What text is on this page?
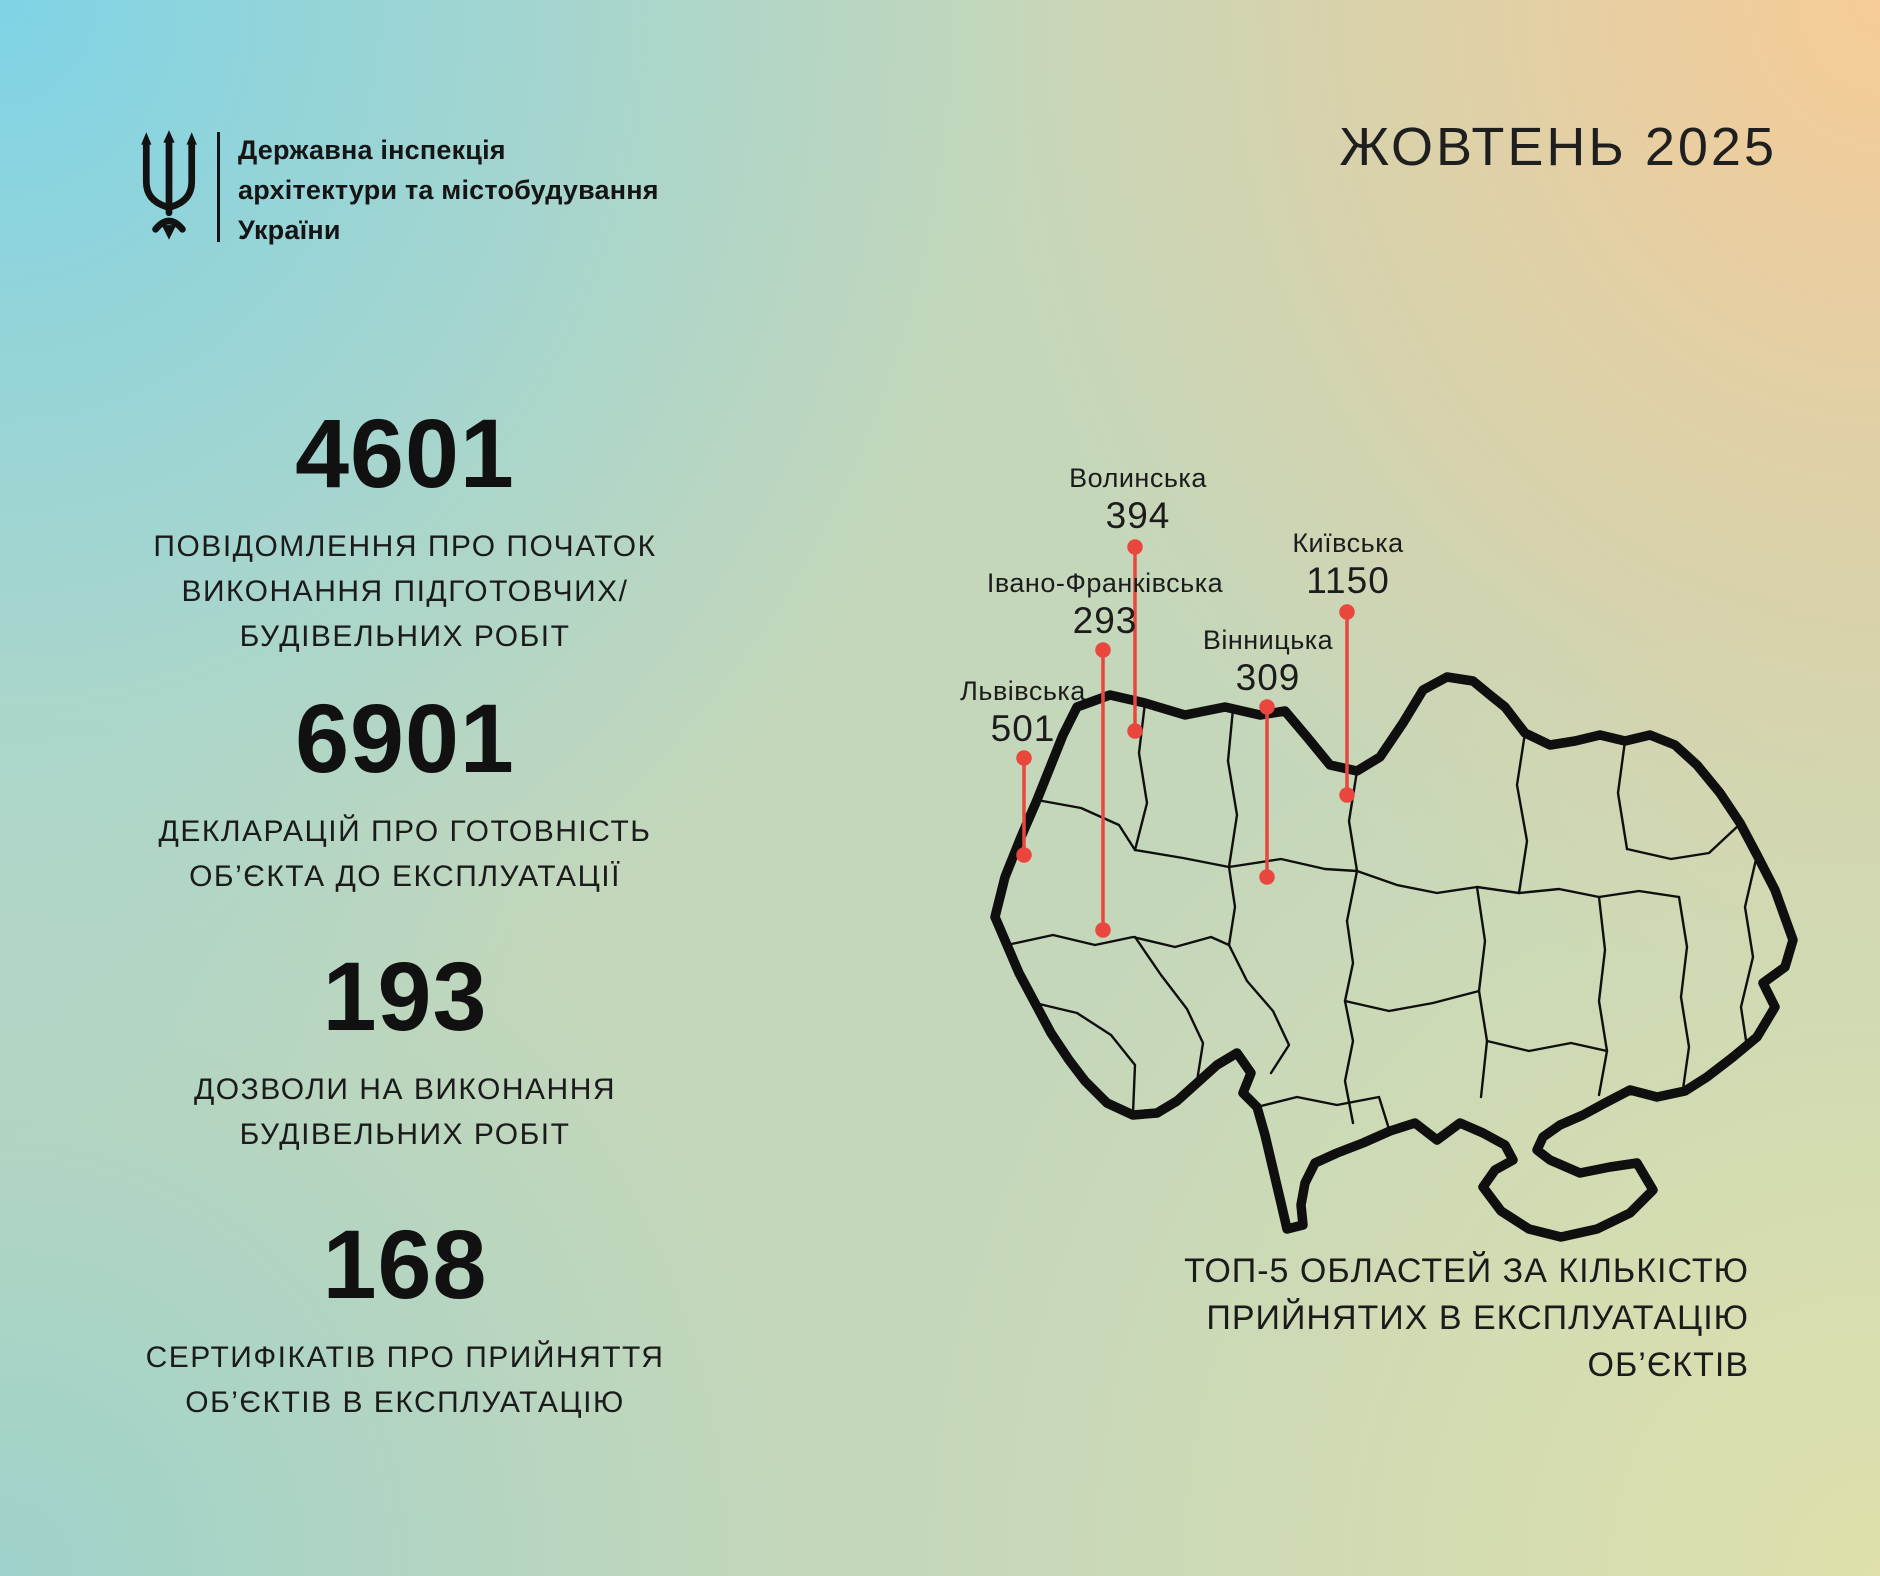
Державна інспекція
архітектури та містобудування
України
ЖОВТЕНЬ 2025
4601
ПОВІДОМЛЕННЯ ПРО ПОЧАТОК
ВИКОНАННЯ ПІДГОТОВЧИХ/
БУДІВЕЛЬНИХ РОБІТ
6901
ДЕКЛАРАЦІЙ ПРО ГОТОВНІСТЬ
ОБ’ЄКТА ДО ЕКСПЛУАТАЦІЇ
193
ДОЗВОЛИ НА ВИКОНАННЯ
БУДІВЕЛЬНИХ РОБІТ
168
СЕРТИФІКАТІВ ПРО ПРИЙНЯТТЯ
ОБ’ЄКТІВ В ЕКСПЛУАТАЦІЮ
Волинська
394
Київська
1150
Івано-Франківська
293	Вінницька
309
Львівська
501
ТОП-5 ОБЛАСТЕЙ ЗА КІЛЬКІСТЮ
ПРИЙНЯТИХ В ЕКСПЛУАТАЦІЮ
ОБ’ЄКТІВ
